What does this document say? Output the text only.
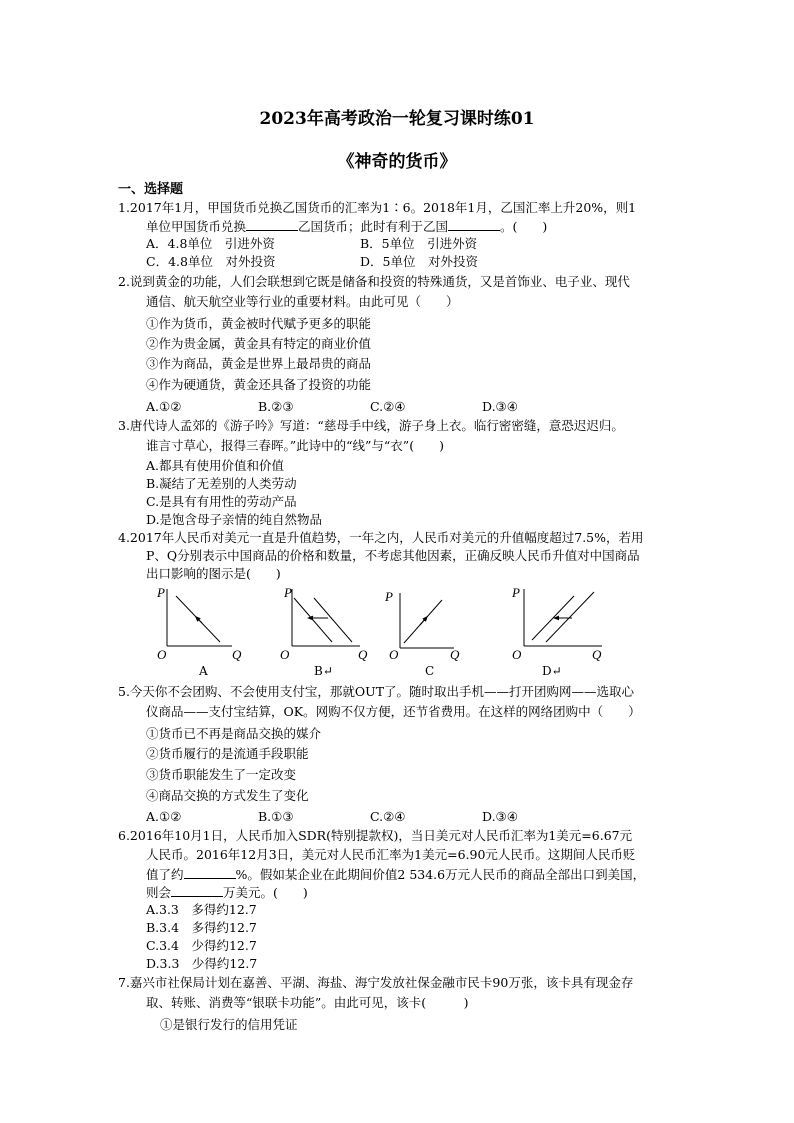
2023年高考政治一轮复习课时练01
《神奇的货币》
一、选择题
1.2017年1月，甲国货币兑换乙国货币的汇率为1∶6。2018年1月，乙国汇率上升20%，则1
单位甲国货币兑换	乙国货币；此时有利于乙国	。(　　)
A．4.8单位　引进外资	B．5单位　引进外资
C．4.8单位　对外投资	D．5单位　对外投资
2.说到黄金的功能，人们会联想到它既是储备和投资的特殊通货，又是首饰业、电子业、现代
通信、航天航空业等行业的重要材料。由此可见（　　）
①作为货币，黄金被时代赋予更多的职能
②作为贵金属，黄金具有特定的商业价值
③作为商品，黄金是世界上最昂贵的商品
④作为硬通货，黄金还具备了投资的功能
A.①②	B.②③	C.②④	D.③④
3.唐代诗人孟郊的《游子吟》写道：“慈母手中线，游子身上衣。临行密密缝，意恐迟迟归。
谁言寸草心，报得三春晖。”此诗中的“线”与“衣”(　　)
A.都具有使用价值和价值
B.凝结了无差别的人类劳动
C.是具有有用性的劳动产品
D.是饱含母子亲情的纯自然物品
4.2017年人民币对美元一直是升值趋势，一年之内，人民币对美元的升值幅度超过7.5%，若用
P、Q分别表示中国商品的价格和数量，不考虑其他因素，正确反映人民币升值对中国商品
出口影响的图示是(　　)
P
O	Q
A
P
O	Q
B↵
P
O	Q
C
P
O	Q
D↵
5.今天你不会团购、不会使用支付宝，那就OUT了。随时取出手机——打开团购网——选取心
仪商品——支付宝结算，OK。网购不仅方便，还节省费用。在这样的网络团购中（　　）
①货币已不再是商品交换的媒介
②货币履行的是流通手段职能
③货币职能发生了一定改变
④商品交换的方式发生了变化
A.①②	B.①③	C.②④	D.③④
6.2016年10月1日，人民币加入SDR(特别提款权)，当日美元对人民币汇率为1美元=6.67元
人民币。2016年12月3日，美元对人民币汇率为1美元=6.90元人民币。这期间人民币贬
值了约	%。假如某企业在此期间价值2 534.6万元人民币的商品全部出口到美国，
则会	万美元。(　　)
A.3.3　多得约12.7
B.3.4　多得约12.7
C.3.4　少得约12.7
D.3.3　少得约12.7
7.嘉兴市社保局计划在嘉善、平湖、海盐、海宁发放社保金融市民卡90万张，该卡具有现金存
取、转账、消费等“银联卡功能”。由此可见，该卡(　　　)
①是银行发行的信用凭证
